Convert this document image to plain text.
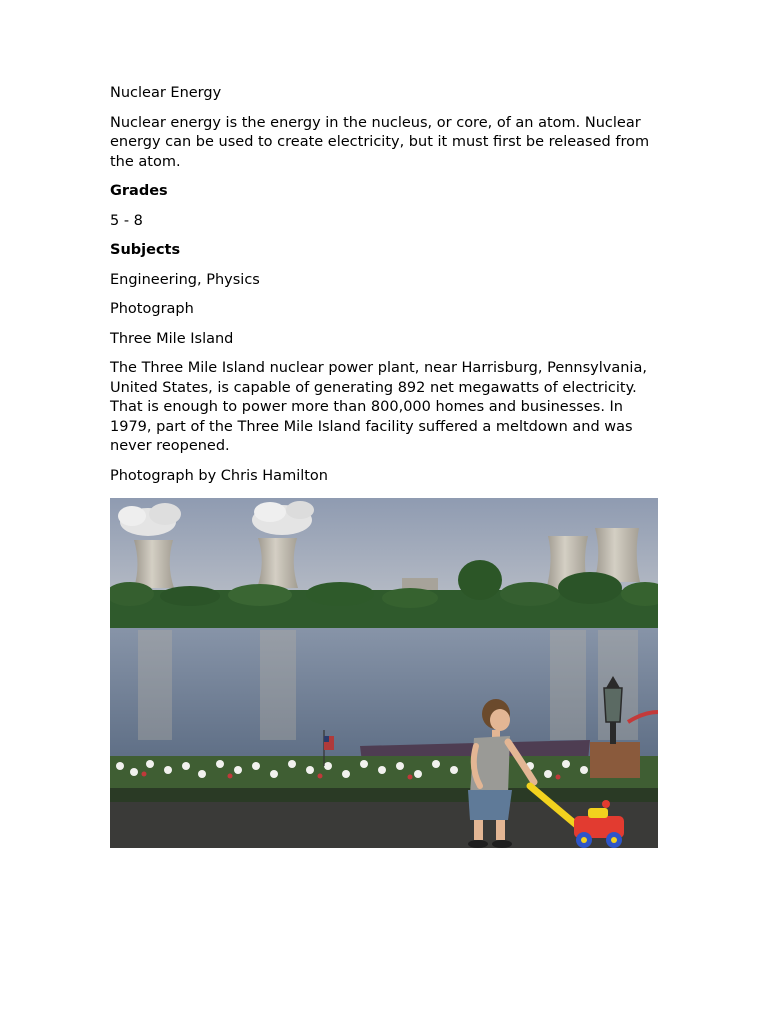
Nuclear Energy

Nuclear energy is the energy in the nucleus, or core, of an atom. Nuclear energy can be used to create electricity, but it must first be released from the atom.

Grades

5 - 8

Subjects

Engineering, Physics

Photograph

Three Mile Island

The Three Mile Island nuclear power plant, near Harrisburg, Pennsylvania, United States, is capable of generating 892 net megawatts of electricity. That is enough to power more than 800,000 homes and businesses. In 1979, part of the Three Mile Island facility suffered a meltdown and was never reopened.

Photograph by Chris Hamilton
